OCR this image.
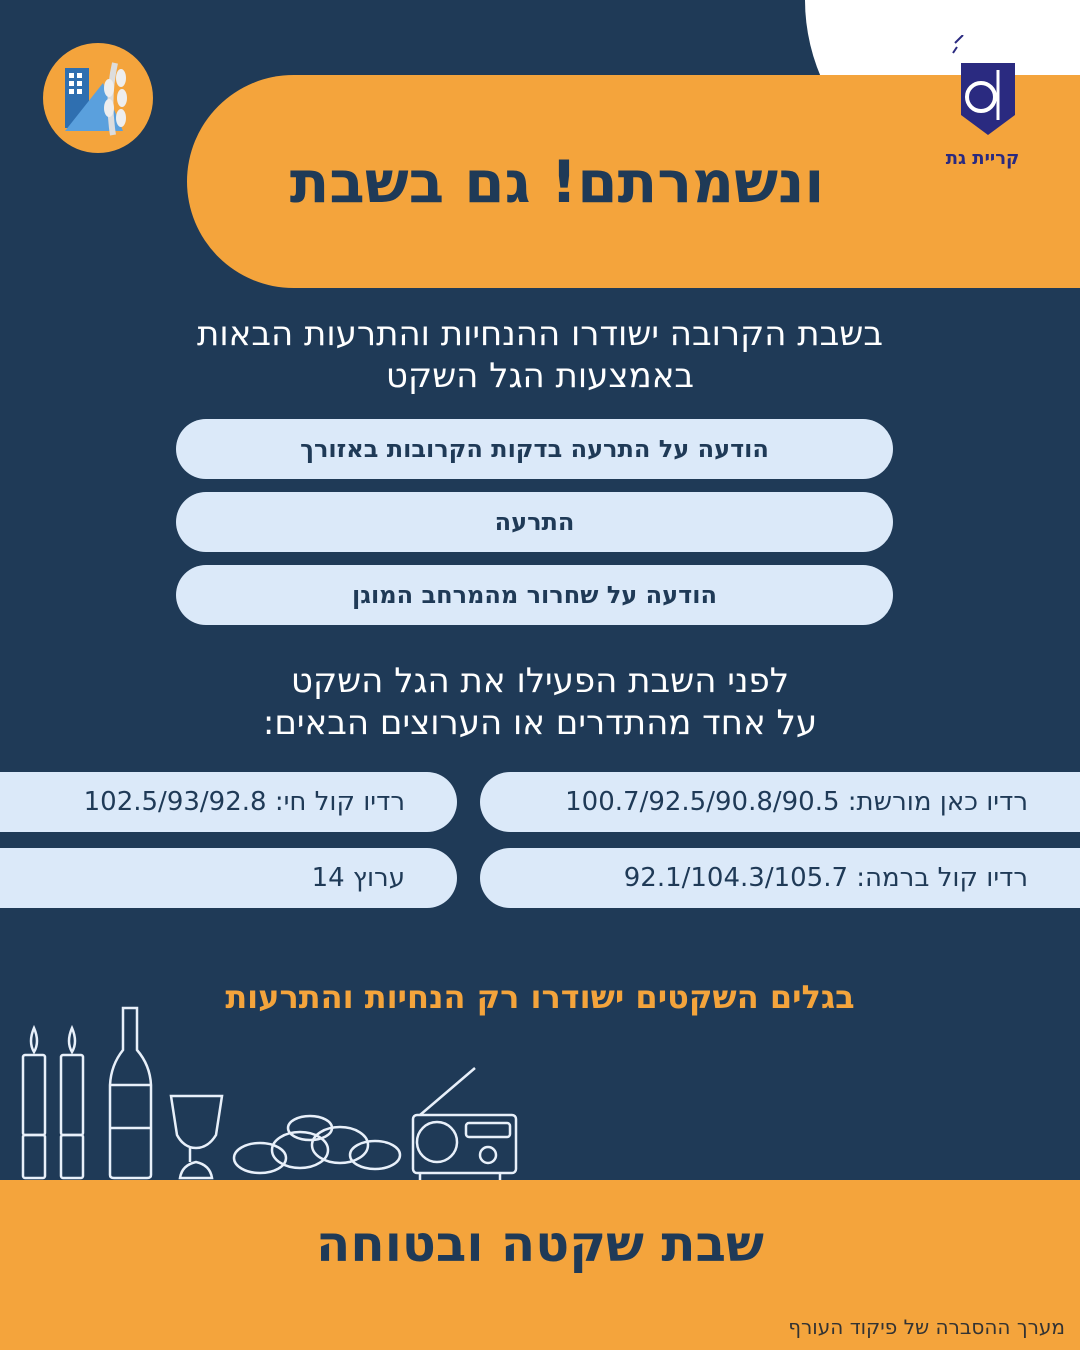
ונשמרתם! גם בשבת	קריית גת
בשבת הקרובה ישודרו ההנחיות והתרעות הבאות
באמצעות הגל השקט
הודעה על התרעה בדקות הקרובות באזורך
התרעה
הודעה על שחרור מהמרחב המוגן
לפני השבת הפעילו את הגל השקט
על אחד מהתדרים או הערוצים הבאים:
רדיו כאן מורשת: 100.7/92.5/90.8/90.5
רדיו קול חי: 102.5/93/92.8
רדיו קול ברמה: 92.1/104.3/105.7
ערוץ 14
בגלים השקטים ישודרו רק הנחיות והתרעות
שבת שקטה ובטוחה
מערך ההסברה של פיקוד העורף
